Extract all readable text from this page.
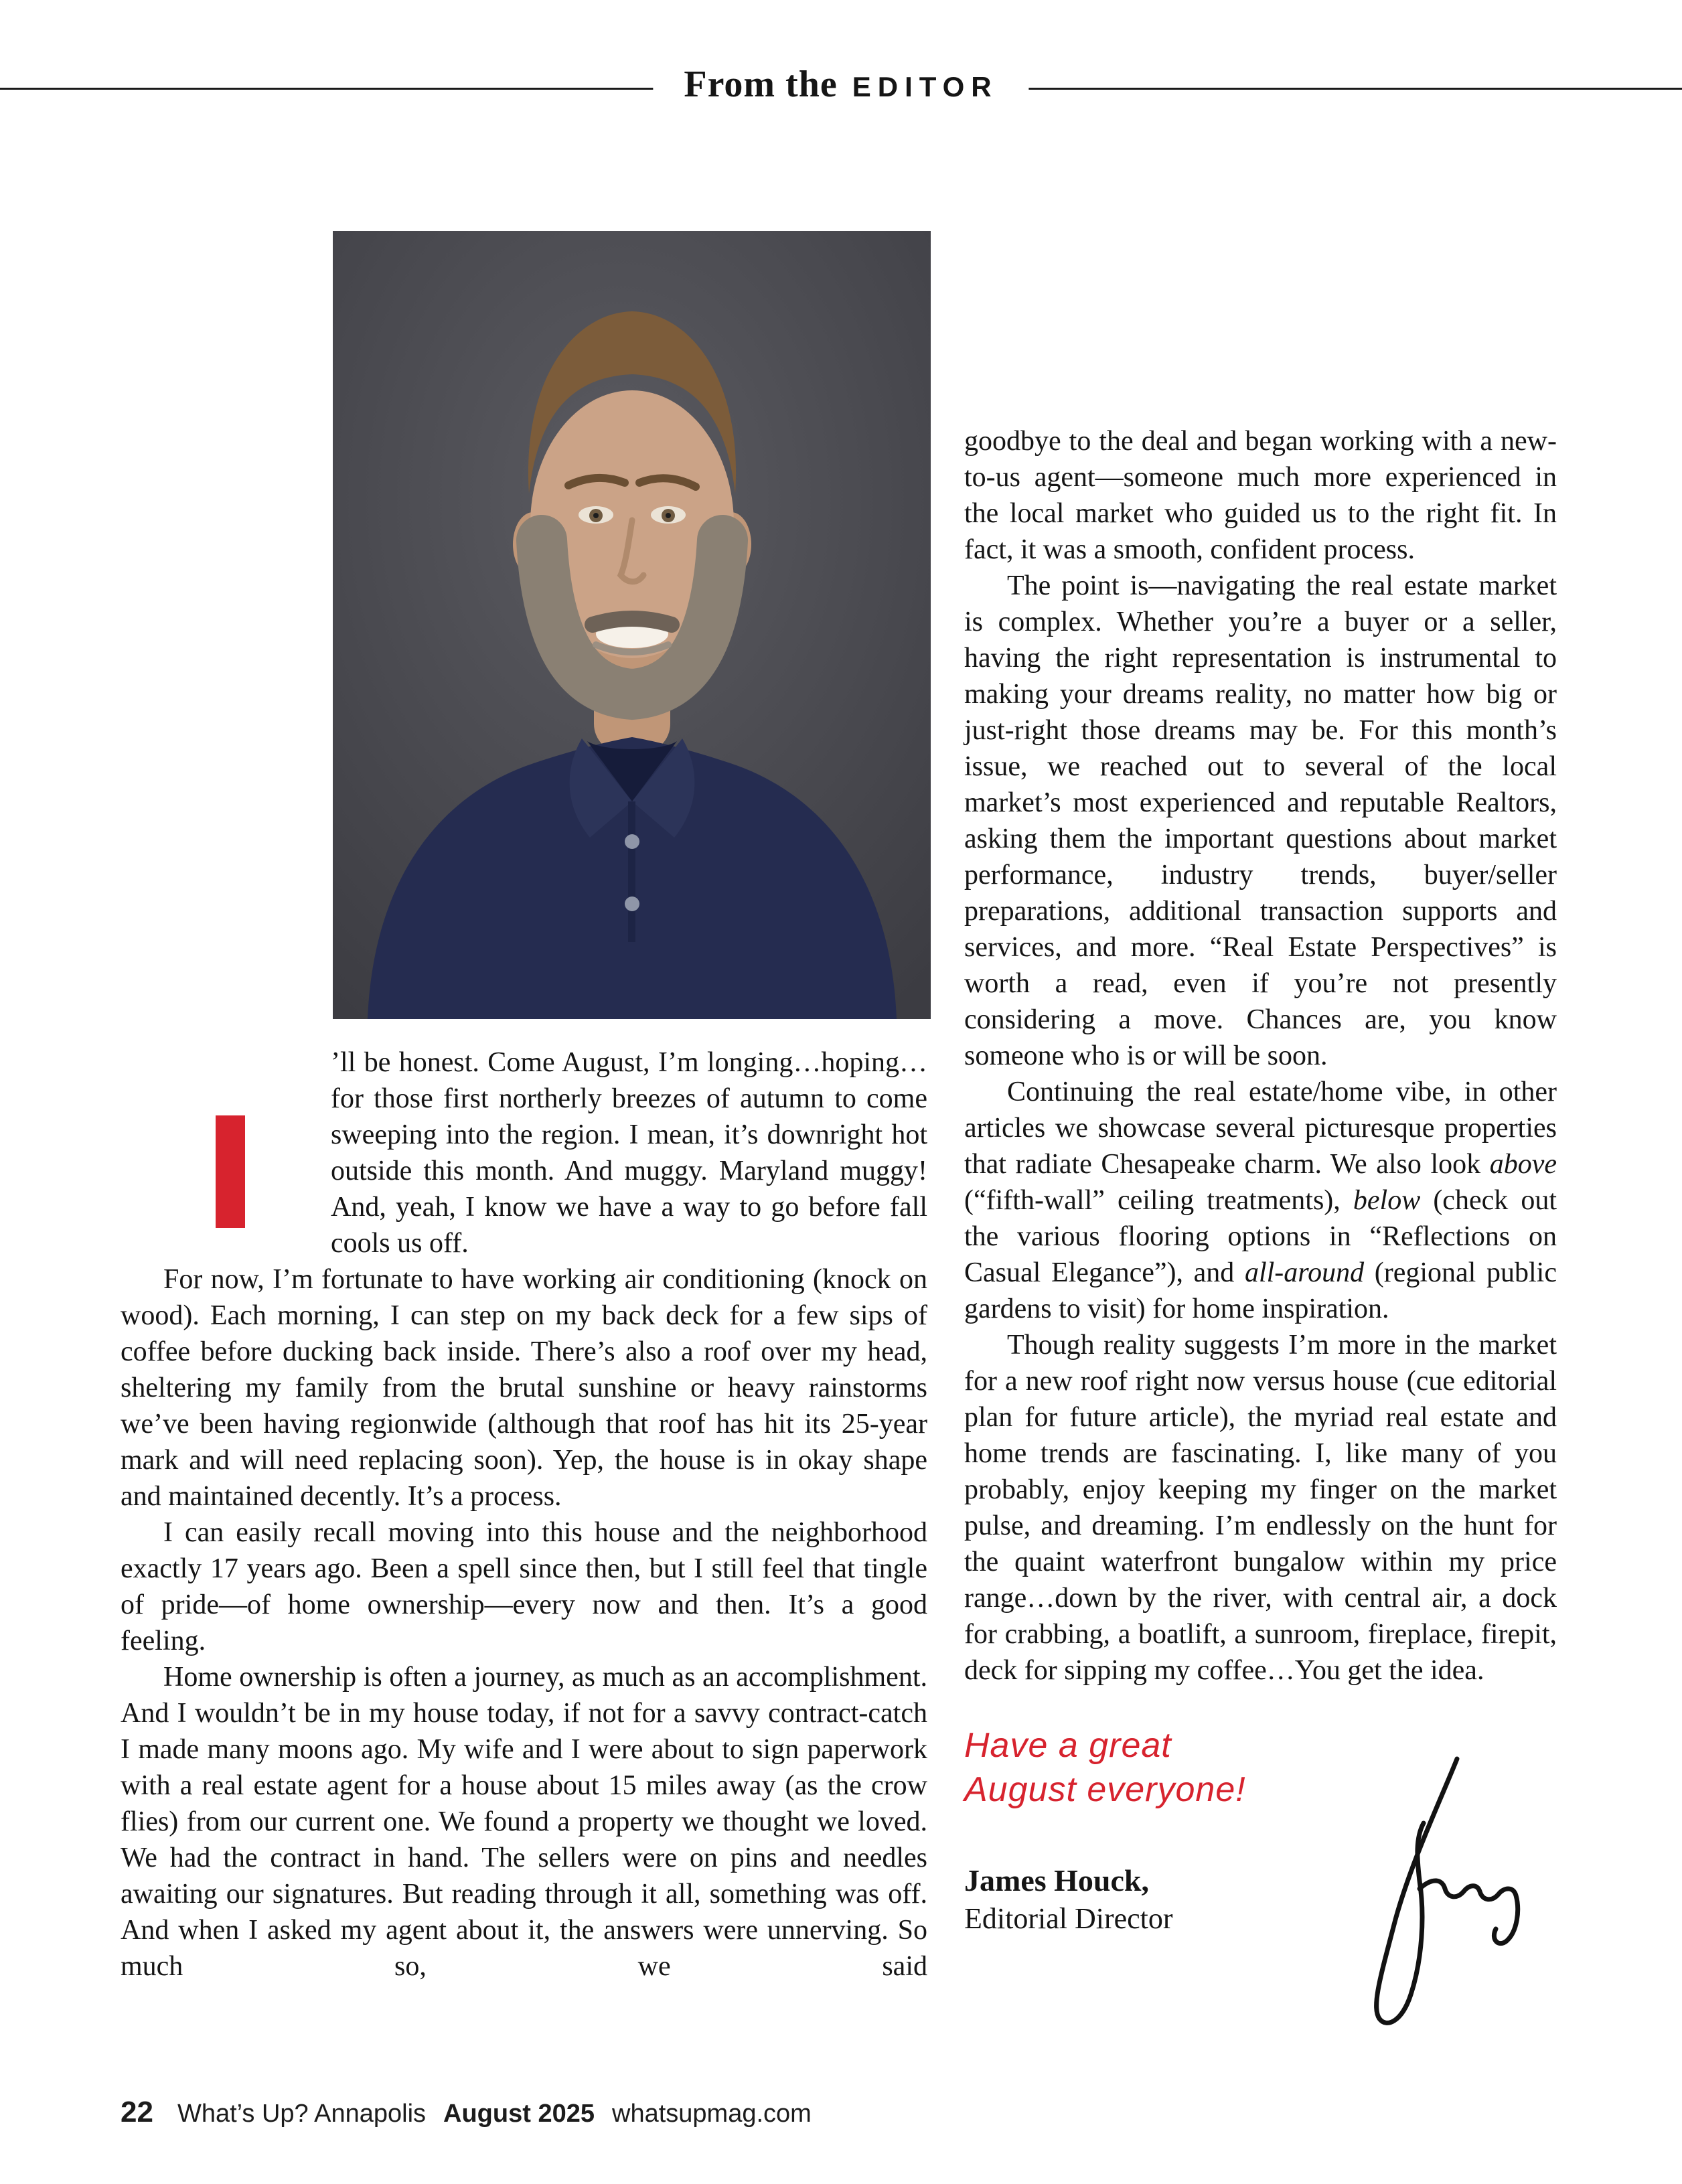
From the EDITOR
’ll be honest. Come August, I’m longing…hoping…for those first northerly breezes of autumn to come sweeping into the region. I mean, it’s downright hot outside this month. And muggy. Maryland muggy! And, yeah, I know we have a way to go before fall cools us off.

For now, I’m fortunate to have working air conditioning (knock on wood). Each morning, I can step on my back deck for a few sips of coffee before ducking back inside. There’s also a roof over my head, sheltering my family from the brutal sunshine or heavy rainstorms we’ve been having regionwide (although that roof has hit its 25-year mark and will need replacing soon). Yep, the house is in okay shape and maintained decently. It’s a process.

I can easily recall moving into this house and the neighborhood exactly 17 years ago. Been a spell since then, but I still feel that tingle of pride—of home ownership—every now and then. It’s a good feeling.

Home ownership is often a journey, as much as an accomplishment. And I wouldn’t be in my house today, if not for a savvy contract-catch I made many moons ago. My wife and I were about to sign paperwork with a real estate agent for a house about 15 miles away (as the crow flies) from our current one. We found a property we thought we loved. We had the contract in hand. The sellers were on pins and needles awaiting our signatures. But reading through it all, something was off. And when I asked my agent about it, the answers were unnerving. So much so, we said

goodbye to the deal and began working with a new-to-us agent—someone much more experienced in the local market who guided us to the right fit. In fact, it was a smooth, confident process.

The point is—navigating the real estate market is complex. Whether you’re a buyer or a seller, having the right representation is instrumental to making your dreams reality, no matter how big or just-right those dreams may be. For this month’s issue, we reached out to several of the local market’s most experienced and reputable Realtors, asking them the important questions about market performance, industry trends, buyer/seller preparations, additional transaction supports and services, and more. “Real Estate Perspectives” is worth a read, even if you’re not presently considering a move. Chances are, you know someone who is or will be soon.

Continuing the real estate/home vibe, in other articles we showcase several picturesque properties that radiate Chesapeake charm. We also look above (“fifth-wall” ceiling treatments), below (check out the various flooring options in “Reflections on Casual Elegance”), and all-around (regional public gardens to visit) for home inspiration.

Though reality suggests I’m more in the market for a new roof right now versus house (cue editorial plan for future article), the myriad real estate and home trends are fascinating. I, like many of you probably, enjoy keeping my finger on the market pulse, and dreaming. I’m endlessly on the hunt for the quaint waterfront bungalow within my price range…down by the river, with central air, a dock for crabbing, a boatlift, a sunroom, fireplace, firepit, deck for sipping my coffee…You get the idea.

Have a great
August everyone!
James Houck,
Editorial Director
22 What’s Up? Annapolis August 2025 whatsupmag.com
